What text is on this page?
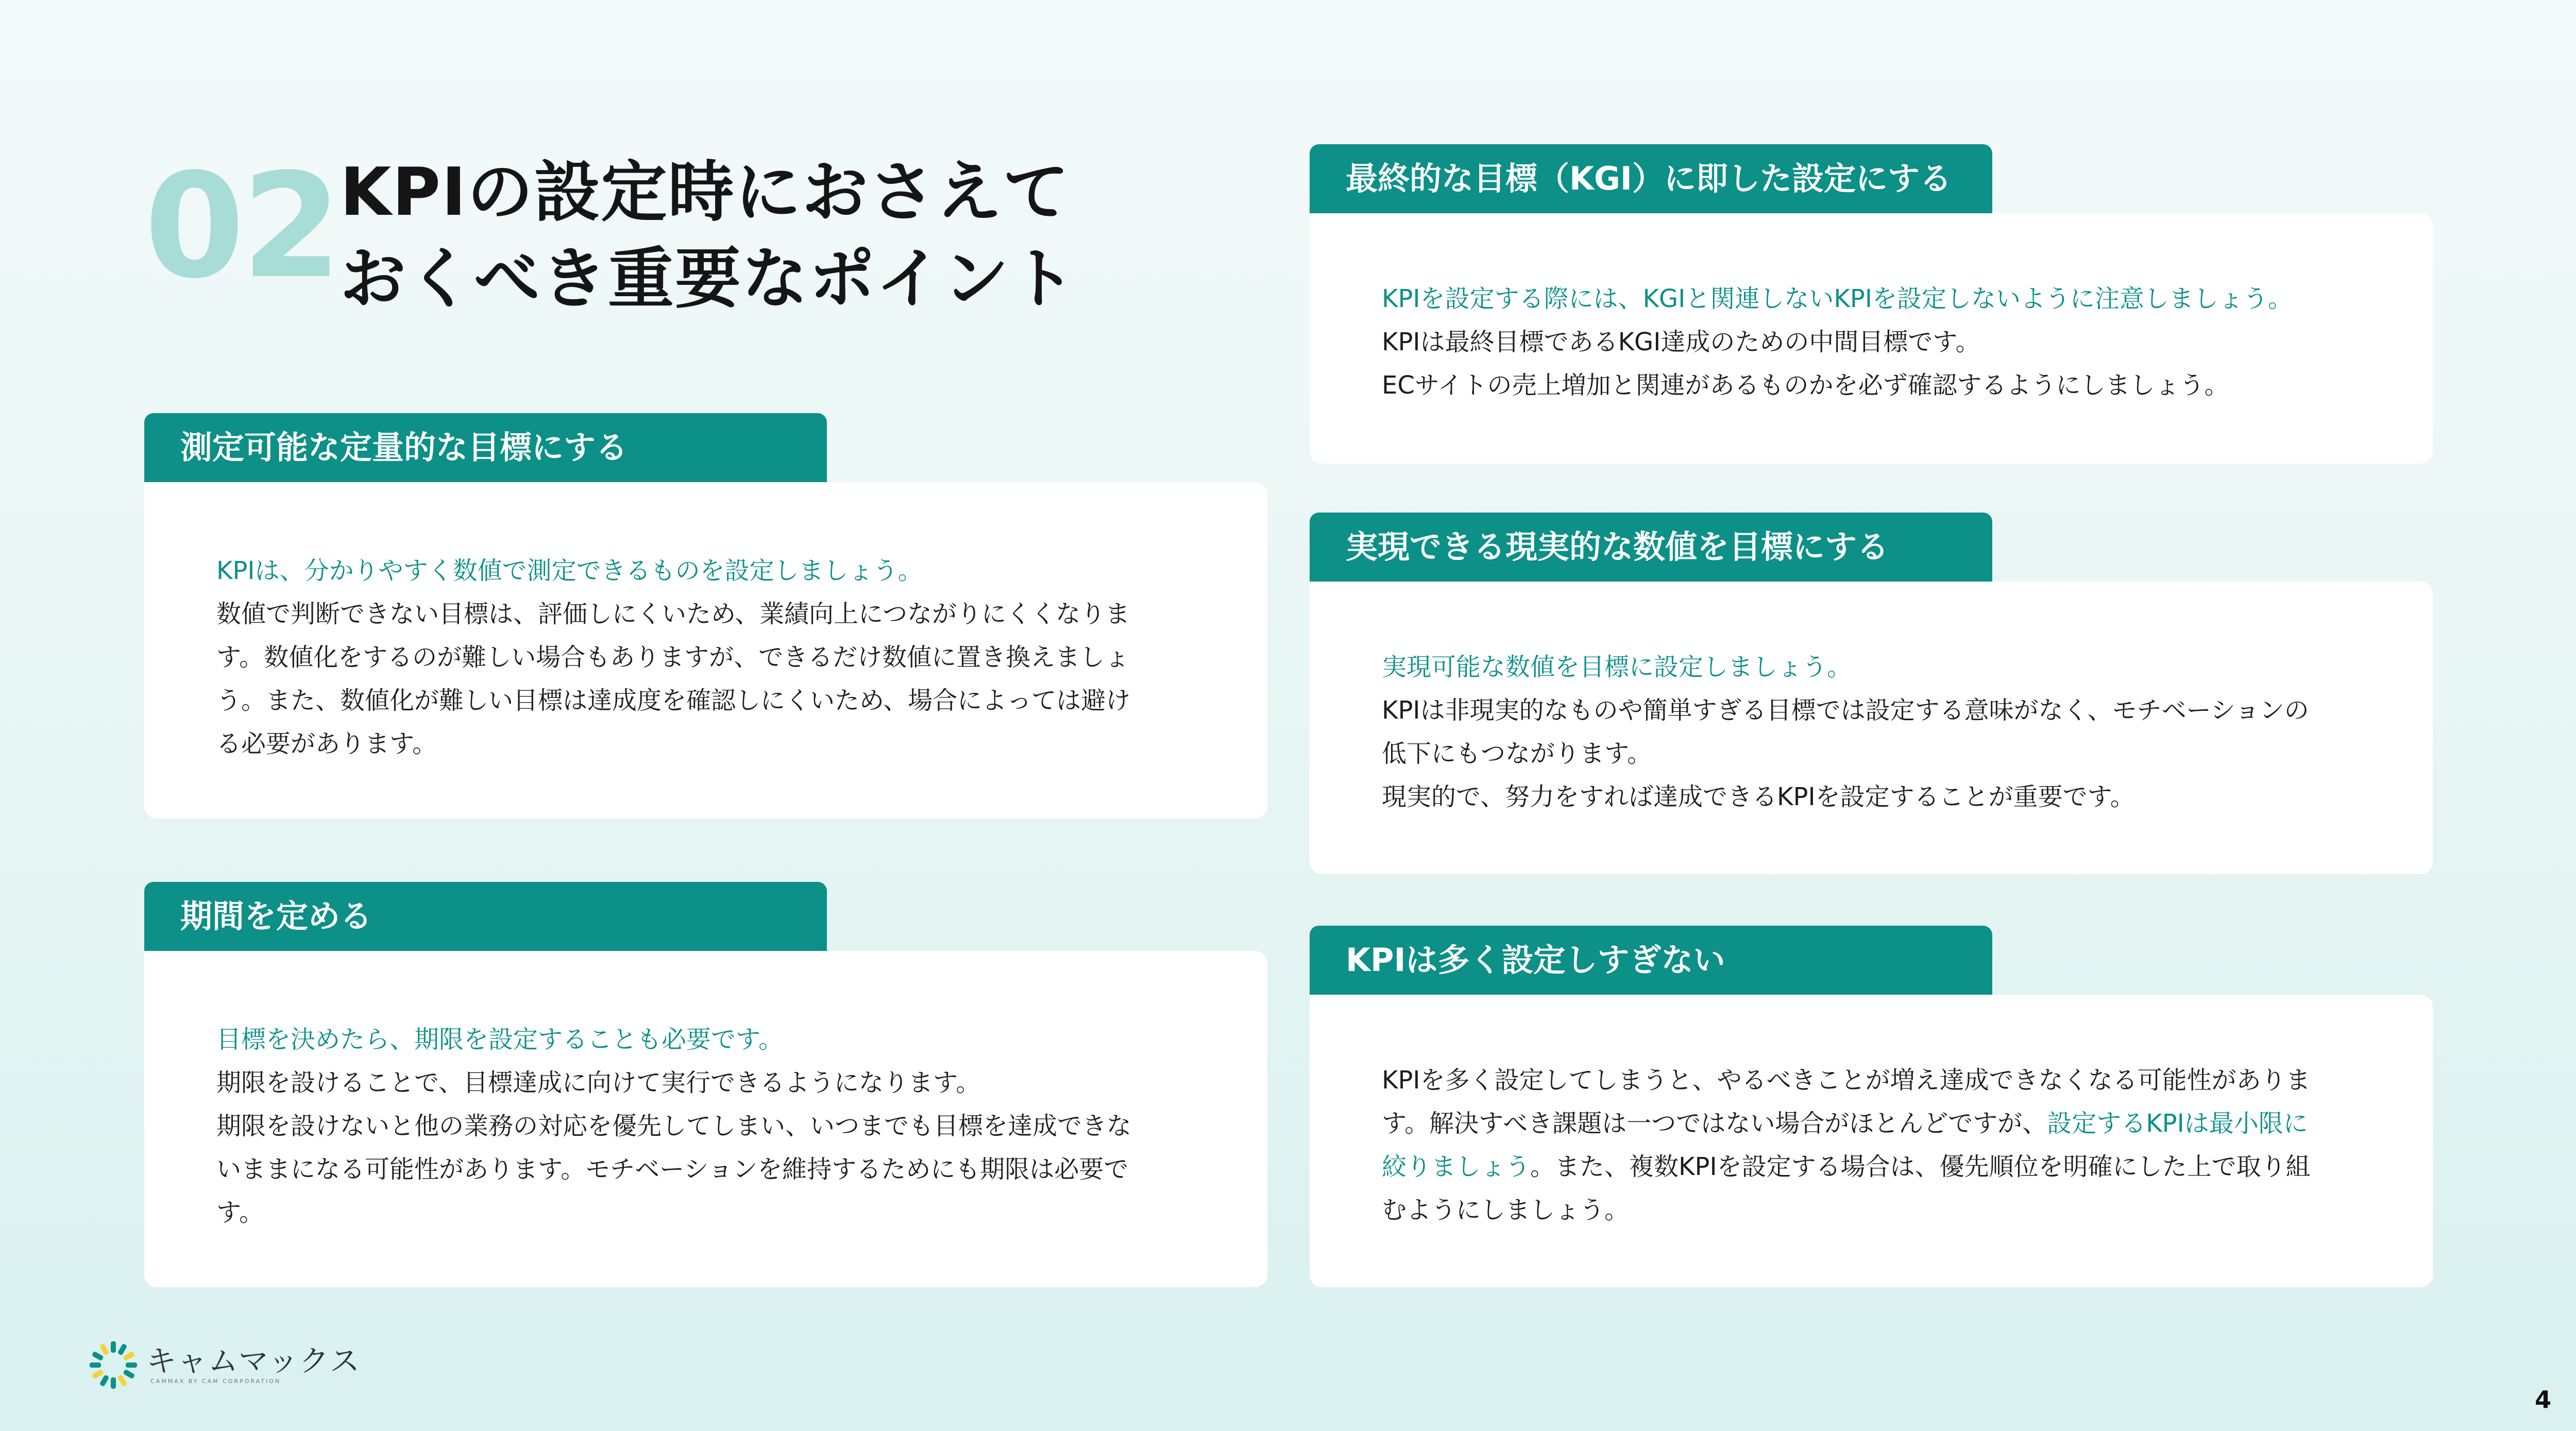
02 KPIの設定時におさえて
おくべき重要なポイント
測定可能な定量的な目標にする

KPIは、分かりやすく数値で測定できるものを設定しましょう。

数値で判断できない目標は、評価しにくいため、業績向上につながりにくくなりま

す。数値化をするのが難しい場合もありますが、できるだけ数値に置き換えましょ

う。また、数値化が難しい目標は達成度を確認しにくいため、場合によっては避け

る必要があります。

期間を定める

目標を決めたら、期限を設定することも必要です。

期限を設けることで、目標達成に向けて実行できるようになります。

期限を設けないと他の業務の対応を優先してしまい、いつまでも目標を達成できな

いままになる可能性があります。モチベーションを維持するためにも期限は必要で

す。

最終的な目標（KGI）に即した設定にする

KPIを設定する際には、KGIと関連しないKPIを設定しないように注意しましょう。

KPIは最終目標であるKGI達成のための中間目標です。

ECサイトの売上増加と関連があるものかを必ず確認するようにしましょう。

実現できる現実的な数値を目標にする

実現可能な数値を目標に設定しましょう。

KPIは非現実的なものや簡単すぎる目標では設定する意味がなく、モチベーションの

低下にもつながります。

現実的で、努力をすれば達成できるKPIを設定することが重要です。

KPIは多く設定しすぎない

KPIを多く設定してしまうと、やるべきことが増え達成できなくなる可能性がありま

す。解決すべき課題は一つではない場合がほとんどですが、設定するKPIは最小限に

絞りましょう。また、複数KPIを設定する場合は、優先順位を明確にした上で取り組

むようにしましょう。

キャムマックス
CAMMAX BY CAM CORPORATION
4
